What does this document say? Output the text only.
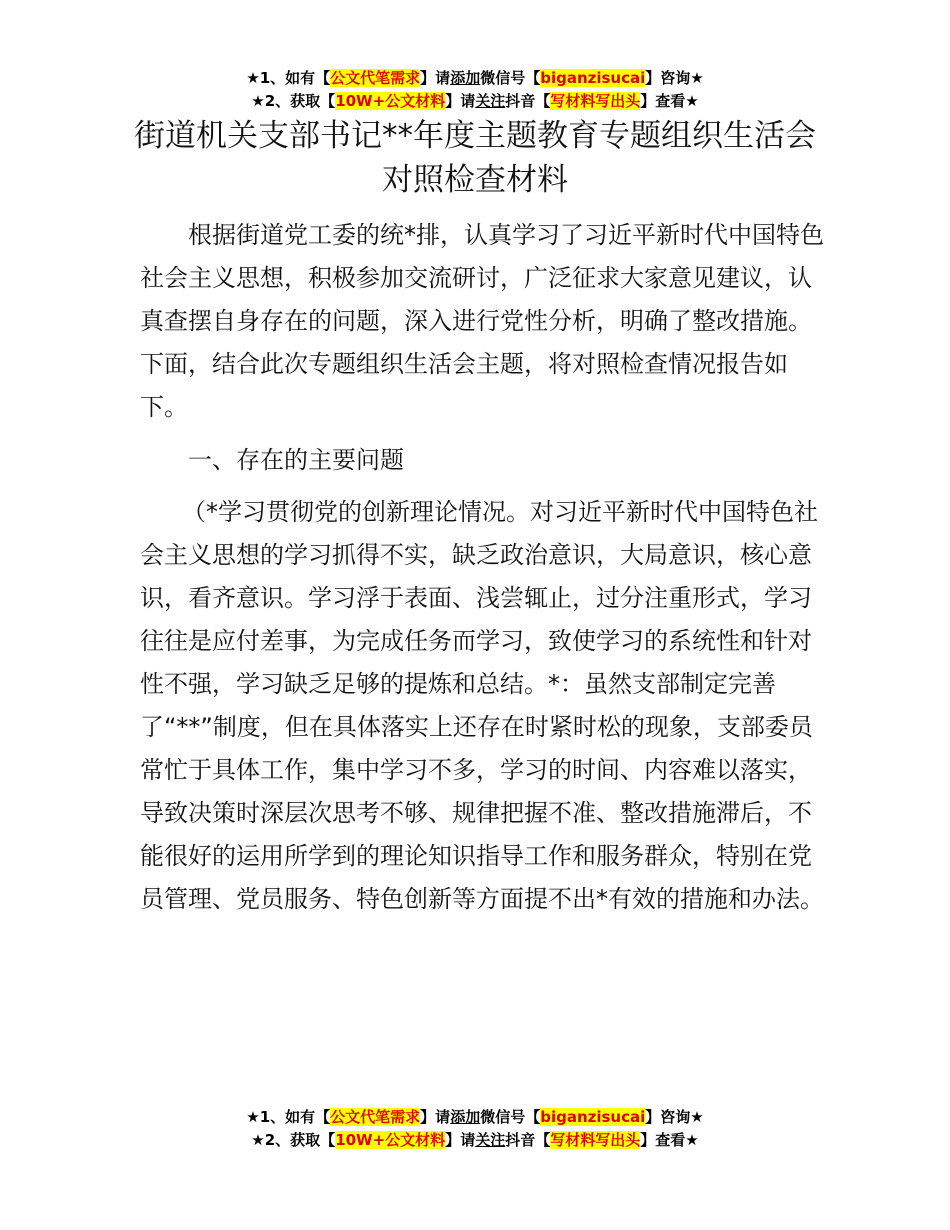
★1、如有【公文代笔需求】请添加微信号【biganzisucai】咨询★
★2、获取【10W+公文材料】请关注抖音【写材料写出头】查看★
街道机关支部书记**年度主题教育专题组织生活会对照检查材料

根据街道党工委的统*排，认真学习了习近平新时代中国特色社会主义思想，积极参加交流研讨，广泛征求大家意见建议，认真查摆自身存在的问题，深入进行党性分析，明确了整改措施。下面，结合此次专题组织生活会主题，将对照检查情况报告如下。

一、存在的主要问题

（*学习贯彻党的创新理论情况。对习近平新时代中国特色社会主义思想的学习抓得不实，缺乏政治意识，大局意识，核心意识，看齐意识。学习浮于表面、浅尝辄止，过分注重形式，学习往往是应付差事，为完成任务而学习，致使学习的系统性和针对性不强，学习缺乏足够的提炼和总结。*：虽然支部制定完善了“**”制度，但在具体落实上还存在时紧时松的现象，支部委员常忙于具体工作，集中学习不多，学习的时间、内容难以落实，导致决策时深层次思考不够、规律把握不准、整改措施滞后，不能很好的运用所学到的理论知识指导工作和服务群众，特别在党员管理、党员服务、特色创新等方面提不出*有效的措施和办法。

★1、如有【公文代笔需求】请添加微信号【biganzisucai】咨询★
★2、获取【10W+公文材料】请关注抖音【写材料写出头】查看★
